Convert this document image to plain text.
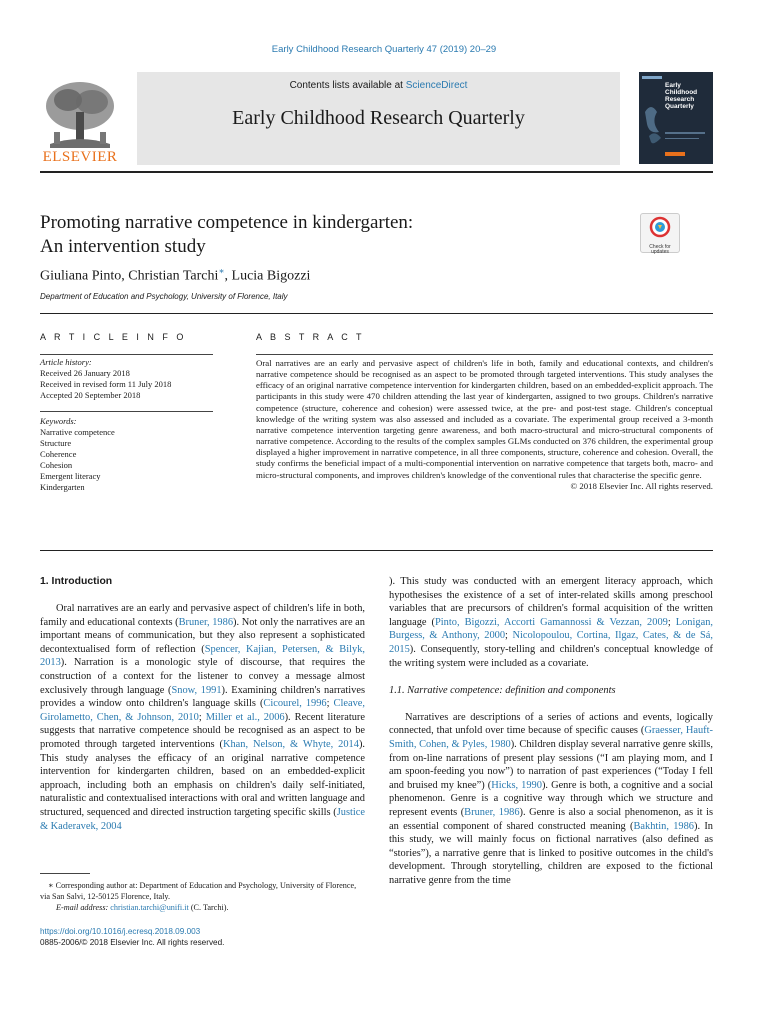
Early Childhood Research Quarterly 47 (2019) 20–29
Contents lists available at ScienceDirect
Early Childhood Research Quarterly
ELSEVIER
Early Childhood Research Quarterly
Promoting narrative competence in kindergarten:
An intervention study	Check for updates
Giuliana Pinto, Christian Tarchi∗, Lucia Bigozzi
Department of Education and Psychology, University of Florence, Italy
A R T I C L E I N F O
Article history:
Received 26 January 2018
Received in revised form 11 July 2018
Accepted 20 September 2018
Keywords:
Narrative competence
Structure
Coherence
Cohesion
Emergent literacy
Kindergarten
A B S T R A C T
Oral narratives are an early and pervasive aspect of children's life in both, family and educational contexts, and children's narrative competence should be recognised as an aspect to be promoted through targeted interventions. This study analyses the efficacy of an original narrative competence intervention for kindergarten children, based on an embedded-explicit approach. The participants in this study were 470 children attending the last year of kindergarten, assigned to two groups. Children's narrative competence (structure, coherence and cohesion) were assessed twice, at the pre- and post-test stage. Children's conceptual knowledge of the writing system was also assessed and included as a covariate. The experimental group received a 3-month narrative competence intervention targeting genre awareness, and both macro-structural and micro-structural components of narrative competence. According to the results of the complex samples GLMs conducted on 376 children, the experimental group displayed a higher improvement in narrative competence, in all three components, structure, coherence and cohesion. Overall, the study confirms the beneficial impact of a multi-componential intervention on narrative competence that targets both, macro- and micro-structural components, and improves children's knowledge of the conventional rules that characterise the specific genre.
© 2018 Elsevier Inc. All rights reserved.
1. Introduction

Oral narratives are an early and pervasive aspect of children's life in both, family and educational contexts (Bruner, 1986). Not only the narratives are an important means of communication, but they also represent a sophisticated decontextualised form of reflection (Spencer, Kajian, Petersen, & Bilyk, 2013). Narration is a monologic style of discourse, that requires the construction of a context for the listener to convey a message almost exclusively through language (Snow, 1991). Examining children's narratives provides a window onto children's language skills (Cicourel, 1996; Cleave, Girolametto, Chen, & Johnson, 2010; Miller et al., 2006). Recent literature suggests that narrative competence should be recognised as an aspect to be promoted through targeted interventions (Khan, Nelson, & Whyte, 2014). This study analyses the efficacy of an original narrative competence intervention for kindergarten children, based on an embedded-explicit approach, including both an emphasis on children's daily self-initiated, naturalistic and contextualised interactions with oral and written language and structured, sequenced and directed instruction targeting specific skills (Justice & Kaderavek, 2004

). This study was conducted with an emergent literacy approach, which hypothesises the existence of a set of inter-related skills among preschool variables that are precursors of children's formal acquisition of the written language (Pinto, Bigozzi, Accorti Gamannossi & Vezzan, 2009; Lonigan, Burgess, & Anthony, 2000; Nicolopoulou, Cortina, Ilgaz, Cates, & de Sá, 2015). Consequently, story-telling and children's conceptual knowledge of the writing system were included as a covariate.

1.1. Narrative competence: definition and components

Narratives are descriptions of a series of actions and events, logically connected, that unfold over time because of specific causes (Graesser, Hauft-Smith, Cohen, & Pyles, 1980). Children display several narrative genre skills, from on-line narrations of present play sessions (“I am playing mom, and I am spoon-feeding you now”) to narration of past experiences (“Today I fell and bruised my knee”) (Hicks, 1990). Genre is both, a cognitive and a social phenomenon. Genre is a cognitive way through which we structure and represent events (Bruner, 1986). Genre is also a social phenomenon, as it is an essential component of shared constructed meaning (Bakhtin, 1986). In this study, we will mainly focus on fictional narratives (also defined as “stories”), a narrative genre that is linked to positive outcomes in the child's development. Through storytelling, children are exposed to the fictional narrative genre from the time

∗ Corresponding author at: Department of Education and Psychology, University of Florence, via San Salvi, 12-50125 Florence, Italy.
E-mail address: christian.tarchi@unifi.it (C. Tarchi).
https://doi.org/10.1016/j.ecresq.2018.09.003
0885-2006/© 2018 Elsevier Inc. All rights reserved.
